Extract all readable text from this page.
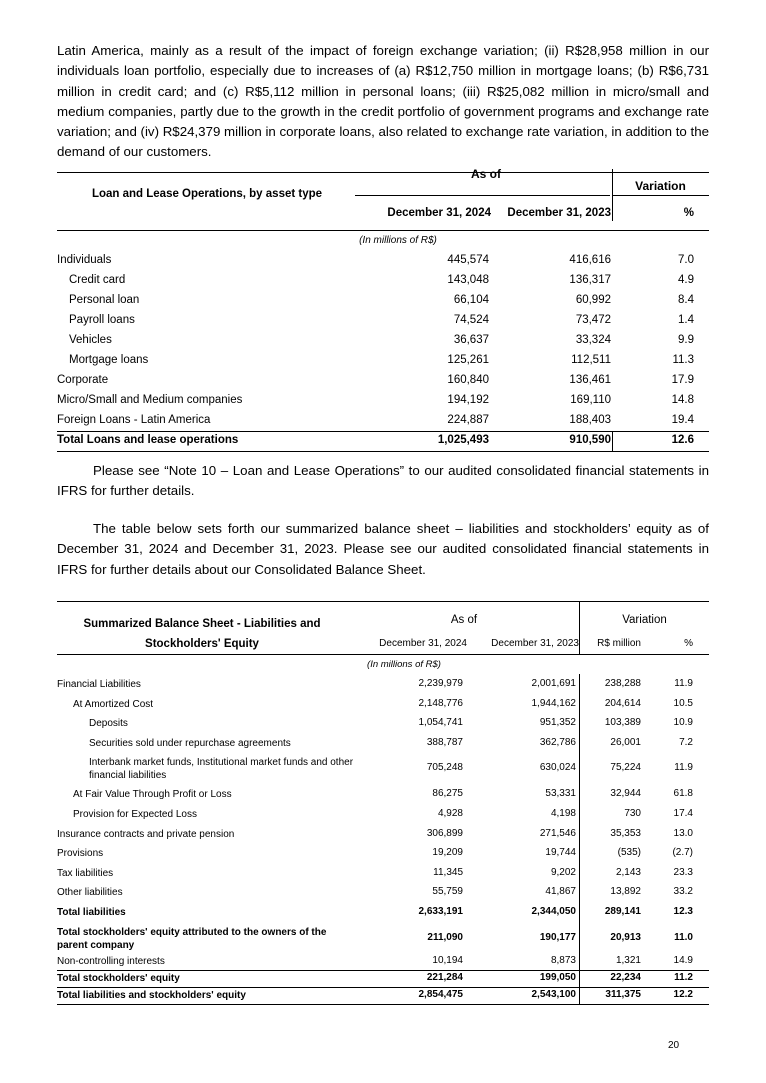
Latin America, mainly as a result of the impact of foreign exchange variation; (ii) R$28,958 million in our individuals loan portfolio, especially due to increases of (a) R$12,750 million in mortgage loans; (b) R$6,731 million in credit card; and (c) R$5,112 million in personal loans; (iii) R$25,082 million in micro/small and medium companies, partly due to the growth in the credit portfolio of government programs and exchange rate variation; and (iv) R$24,379 million in corporate loans, also related to exchange rate variation, in addition to the demand of our customers.

Loan and Lease Operations, by asset type
As of
Variation
December 31, 2024	December 31, 2023	%
(In millions of R$)
Individuals	445,574	416,616	7.0
Credit card	143,048	136,317	4.9
Personal loan	66,104	60,992	8.4
Payroll loans	74,524	73,472	1.4
Vehicles	36,637	33,324	9.9
Mortgage loans	125,261	112,511	11.3
Corporate	160,840	136,461	17.9
Micro/Small and Medium companies	194,192	169,110	14.8
Foreign Loans - Latin America	224,887	188,403	19.4
Total Loans and lease operations	1,025,493	910,590	12.6

Please see “Note 10 – Loan and Lease Operations” to our audited consolidated financial statements in IFRS for further details.

The table below sets forth our summarized balance sheet – liabilities and stockholders’ equity as of December 31, 2024 and December 31, 2023. Please see our audited consolidated financial statements in IFRS for further details about our Consolidated Balance Sheet.

Summarized Balance Sheet - Liabilities and
Stockholders' Equity
As of	Variation
December 31, 2024	December 31, 2023	R$ million	%
(In millions of R$)
Financial Liabilities	2,239,979	2,001,691	238,288	11.9
At Amortized Cost	2,148,776	1,944,162	204,614	10.5
Deposits	1,054,741	951,352	103,389	10.9
Securities sold under repurchase agreements	388,787	362,786	26,001	7.2
Interbank market funds, Institutional market funds and other financial liabilities
705,248	630,024	75,224	11.9
At Fair Value Through Profit or Loss	86,275	53,331	32,944	61.8
Provision for Expected Loss	4,928	4,198	730	17.4
Insurance contracts and private pension	306,899	271,546	35,353	13.0
Provisions	19,209	19,744	(535)	(2.7)
Tax liabilities	11,345	9,202	2,143	23.3
Other liabilities	55,759	41,867	13,892	33.2
Total liabilities	2,633,191	2,344,050	289,141	12.3
Total stockholders' equity attributed to the owners of the parent company
211,090	190,177	20,913	11.0
Non-controlling interests	10,194	8,873	1,321	14.9
Total stockholders' equity	221,284	199,050	22,234	11.2
Total liabilities and stockholders' equity	2,854,475	2,543,100	311,375	12.2
20
